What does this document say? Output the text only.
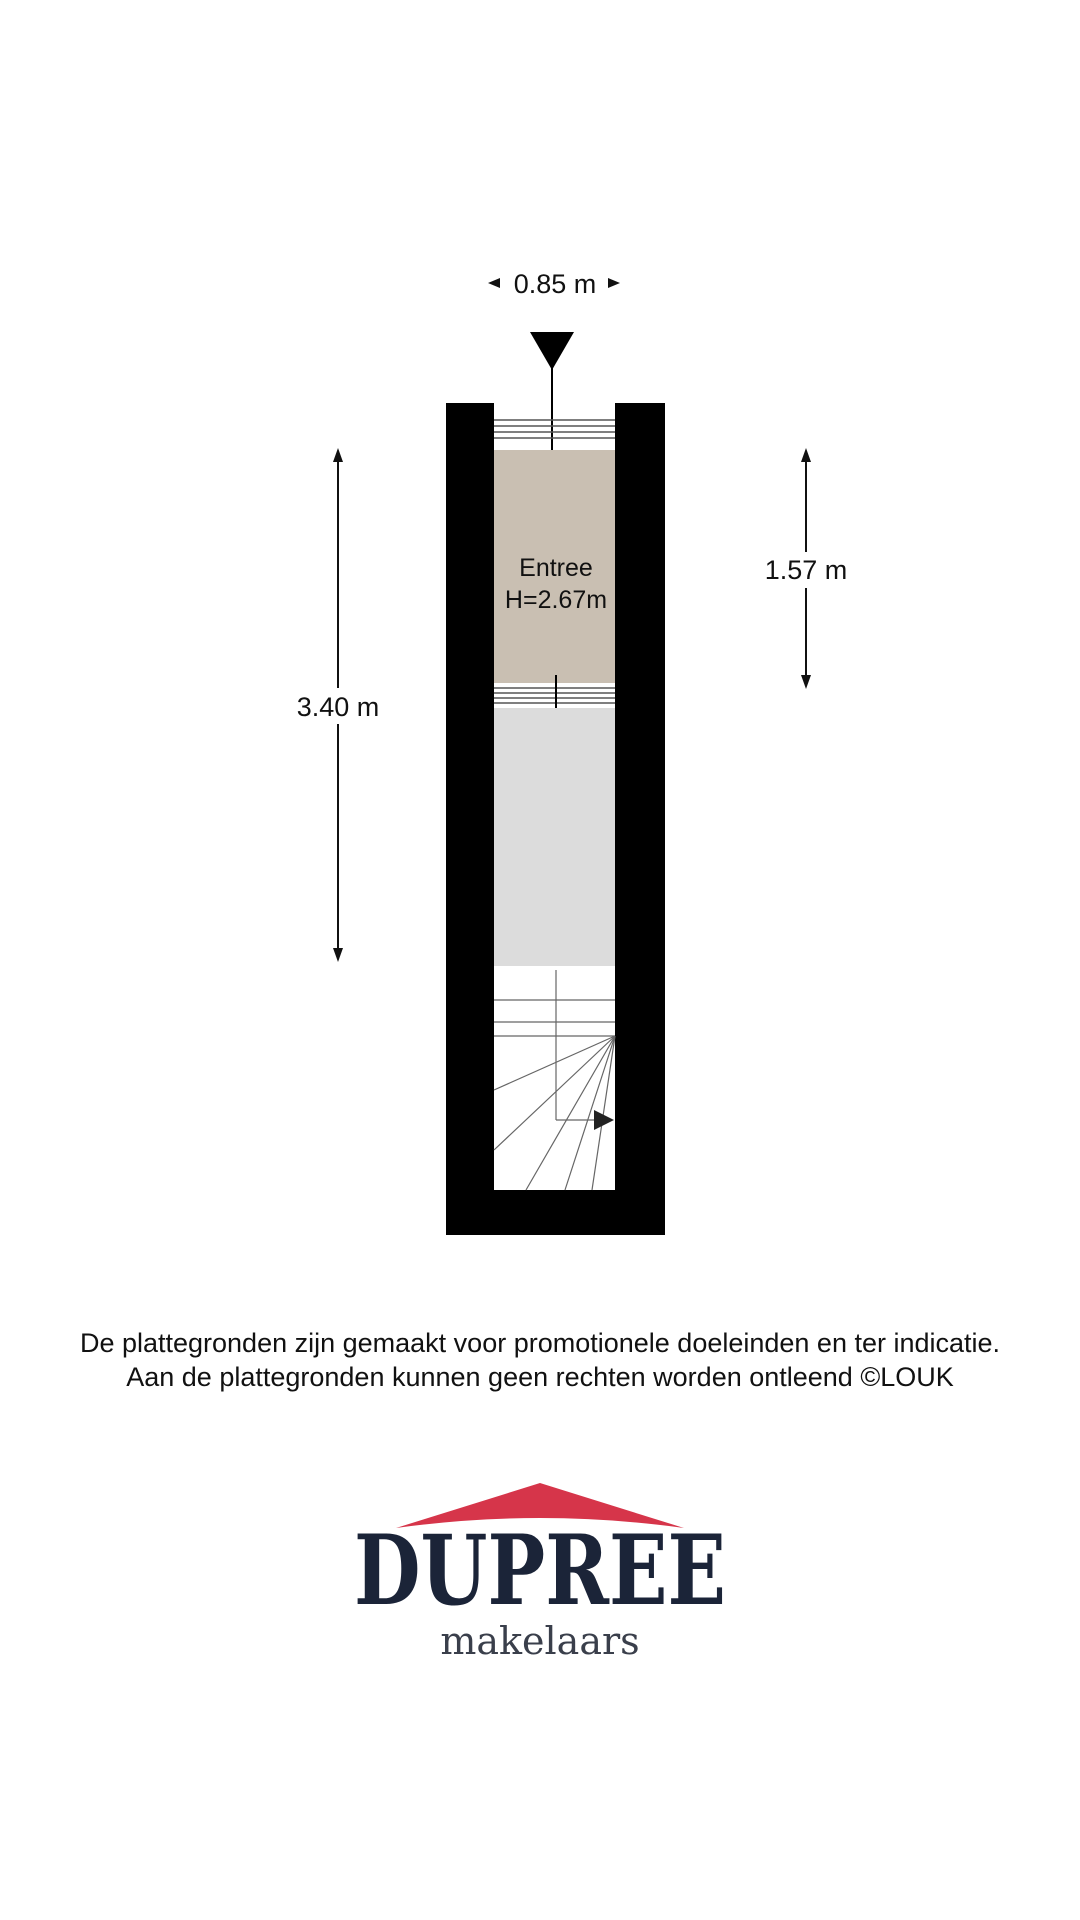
0.85 m
Entree
H=2.67m
3.40 m
1.57 m
De plattegronden zijn gemaakt voor promotionele doeleinden en ter indicatie.
Aan de plattegronden kunnen geen rechten worden ontleend ©LOUK
DUPREE
makelaars
